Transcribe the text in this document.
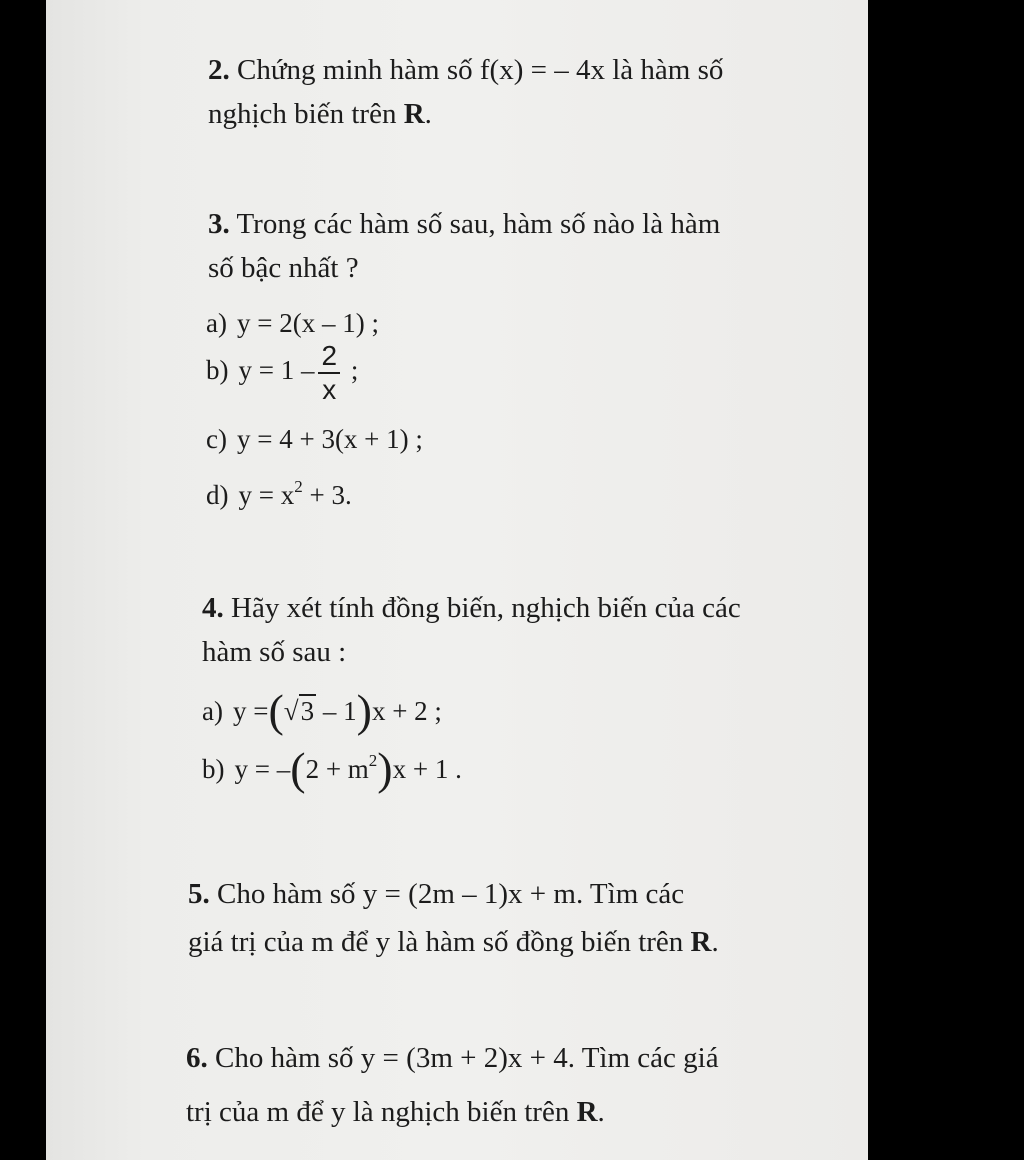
2. Chứng minh hàm số f(x) = – 4x là hàm số
nghịch biến trên R.
3. Trong các hàm số sau, hàm số nào là hàm
số bậc nhất ?
a) y = 2(x – 1) ;
b) $y = 1 - \frac{2}{x}$ ;
c) y = 4 + 3(x + 1) ;
d) $y = x^2 + 3$.
4. Hãy xét tính đồng biến, nghịch biến của các
hàm số sau :
a) y =(√3 – 1)x + 2 ;
b) $y = -(2 + m^2)x + 1$ .
5. Cho hàm số y = (2m – 1)x + m. Tìm các
giá trị của m để y là hàm số đồng biến trên R.
6. Cho hàm số y = (3m + 2)x + 4. Tìm các giá
trị của m để y là nghịch biến trên R.
